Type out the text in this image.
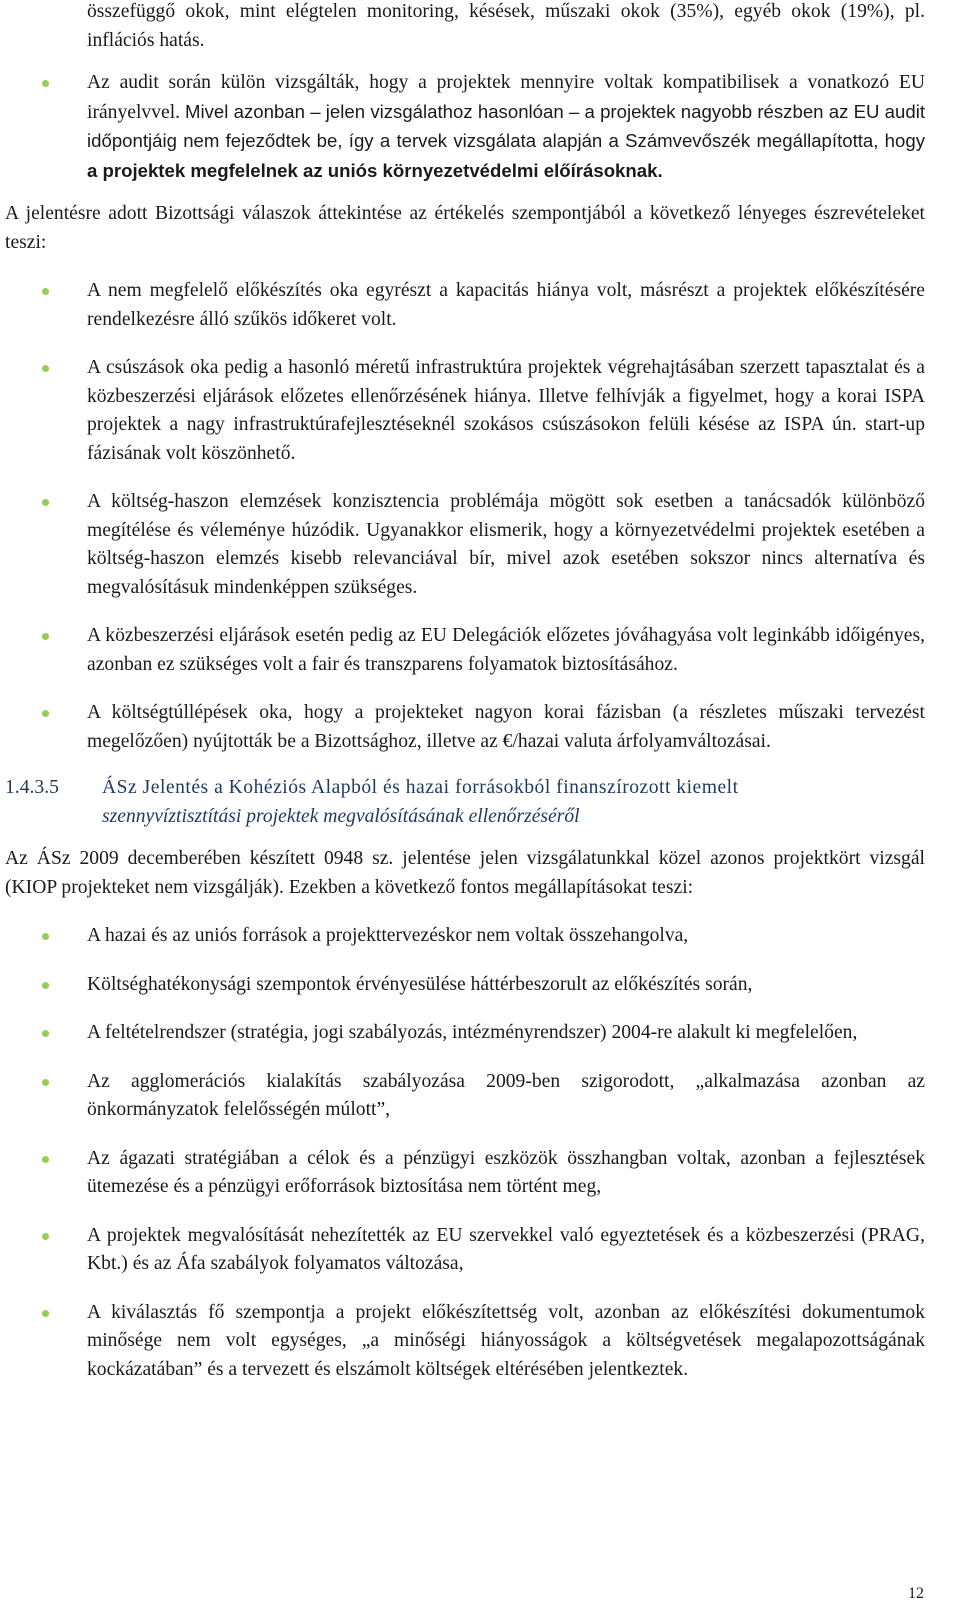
összefüggő okok, mint elégtelen monitoring, késések, műszaki okok (35%), egyéb okok (19%), pl. inflációs hatás.

Az audit során külön vizsgálták, hogy a projektek mennyire voltak kompatibilisek a vonatkozó EU irányelvvel. Mivel azonban – jelen vizsgálathoz hasonlóan – a projektek nagyobb részben az EU audit időpontjáig nem fejeződtek be, így a tervek vizsgálata alapján a Számvevőszék megállapította, hogy a projektek megfelelnek az uniós környezetvédelmi előírásoknak.

A jelentésre adott Bizottsági válaszok áttekintése az értékelés szempontjából a következő lényeges észrevételeket teszi:

A nem megfelelő előkészítés oka egyrészt a kapacitás hiánya volt, másrészt a projektek előkészítésére rendelkezésre álló szűkös időkeret volt.
A csúszások oka pedig a hasonló méretű infrastruktúra projektek végrehajtásában szerzett tapasztalat és a közbeszerzési eljárások előzetes ellenőrzésének hiánya. Illetve felhívják a figyelmet, hogy a korai ISPA projektek a nagy infrastruktúrafejlesztéseknél szokásos csúszásokon felüli késése az ISPA ún. start-up fázisának volt köszönhető.
A költség-haszon elemzések konzisztencia problémája mögött sok esetben a tanácsadók különböző megítélése és véleménye húzódik. Ugyanakkor elismerik, hogy a környezetvédelmi projektek esetében a költség-haszon elemzés kisebb relevanciával bír, mivel azok esetében sokszor nincs alternatíva és megvalósításuk mindenképpen szükséges.
A közbeszerzési eljárások esetén pedig az EU Delegációk előzetes jóváhagyása volt leginkább időigényes, azonban ez szükséges volt a fair és transzparens folyamatok biztosításához.
A költségtúllépések oka, hogy a projekteket nagyon korai fázisban (a részletes műszaki tervezést megelőzően) nyújtották be a Bizottsághoz, illetve az €/hazai valuta árfolyamváltozásai.
1.4.3.5 ÁSz Jelentés a Kohéziós Alapból és hazai forrásokból finanszírozott kiemelt
szennyvíztisztítási projektek megvalósításának ellenőrzéséről

Az ÁSz 2009 decemberében készített 0948 sz. jelentése jelen vizsgálatunkkal közel azonos projektkört vizsgál (KIOP projekteket nem vizsgálják). Ezekben a következő fontos megállapításokat teszi:

A hazai és az uniós források a projekttervezéskor nem voltak összehangolva,
Költséghatékonysági szempontok érvényesülése háttérbeszorult az előkészítés során,
A feltételrendszer (stratégia, jogi szabályozás, intézményrendszer) 2004-re alakult ki megfelelően,
Az agglomerációs kialakítás szabályozása 2009-ben szigorodott, „alkalmazása azonban az önkormányzatok felelősségén múlott”,
Az ágazati stratégiában a célok és a pénzügyi eszközök összhangban voltak, azonban a fejlesztések ütemezése és a pénzügyi erőforrások biztosítása nem történt meg,
A projektek megvalósítását nehezítették az EU szervekkel való egyeztetések és a közbeszerzési (PRAG, Kbt.) és az Áfa szabályok folyamatos változása,
A kiválasztás fő szempontja a projekt előkészítettség volt, azonban az előkészítési dokumentumok minősége nem volt egységes, „a minőségi hiányosságok a költségvetések megalapozottságának kockázatában” és a tervezett és elszámolt költségek eltérésében jelentkeztek.
12
